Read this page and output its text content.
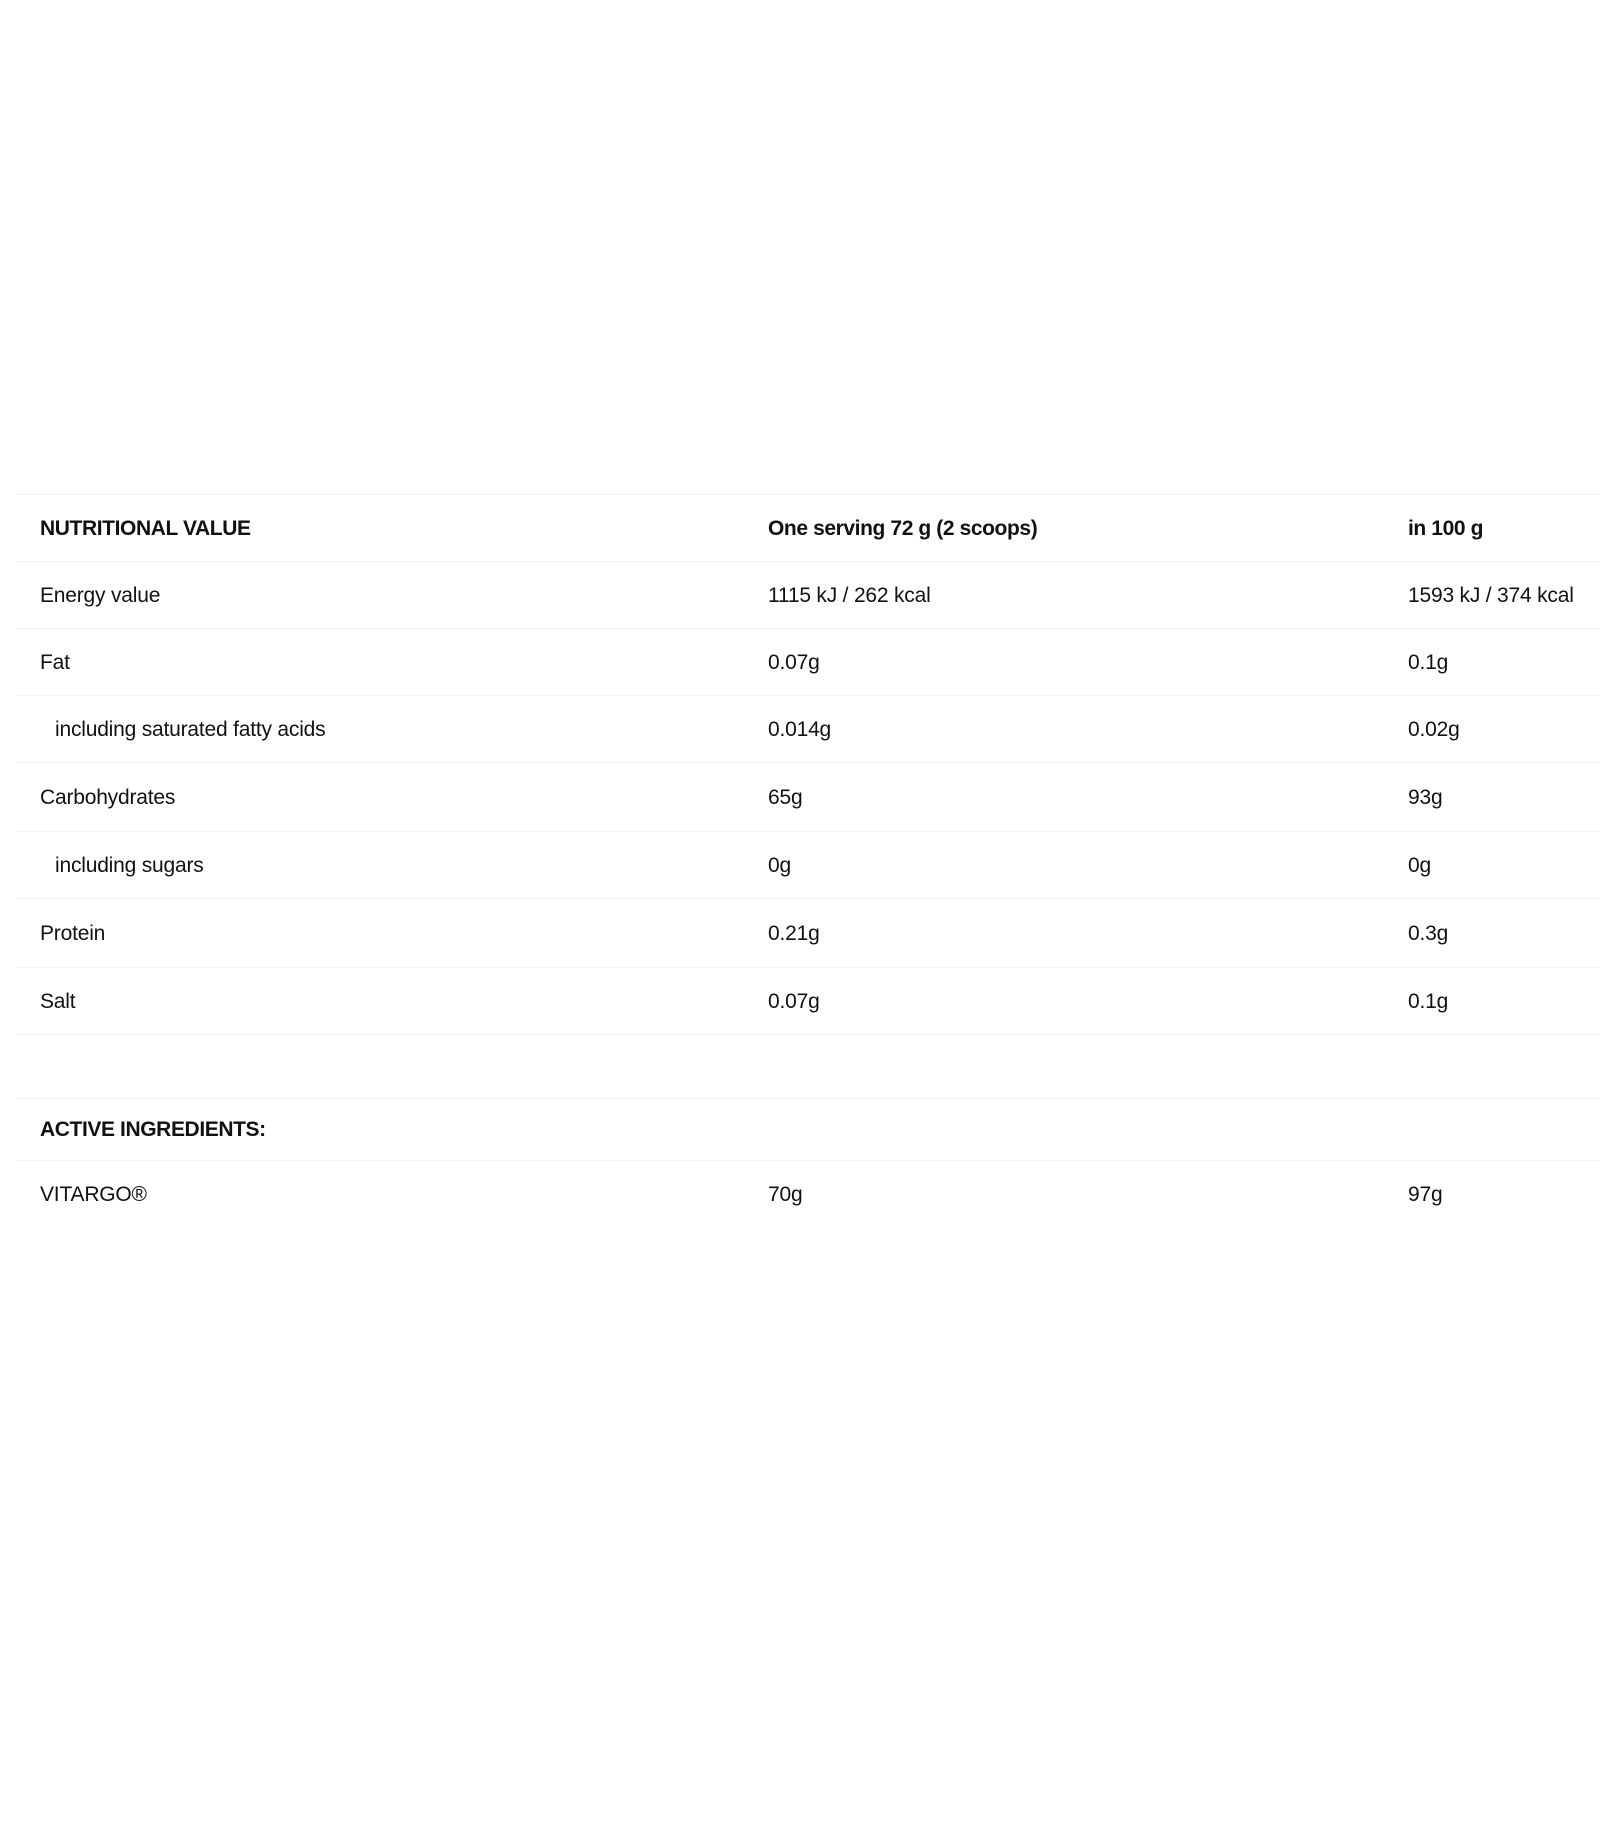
NUTRITIONAL VALUE	One serving 72 g (2 scoops)	in 100 g
Energy value	1115 kJ / 262 kcal	1593 kJ / 374 kcal
Fat	0.07g	0.1g
including saturated fatty acids	0.014g	0.02g
Carbohydrates	65g	93g
including sugars	0g	0g
Protein	0.21g	0.3g
Salt	0.07g	0.1g
ACTIVE INGREDIENTS:
VITARGO®	70g	97g
